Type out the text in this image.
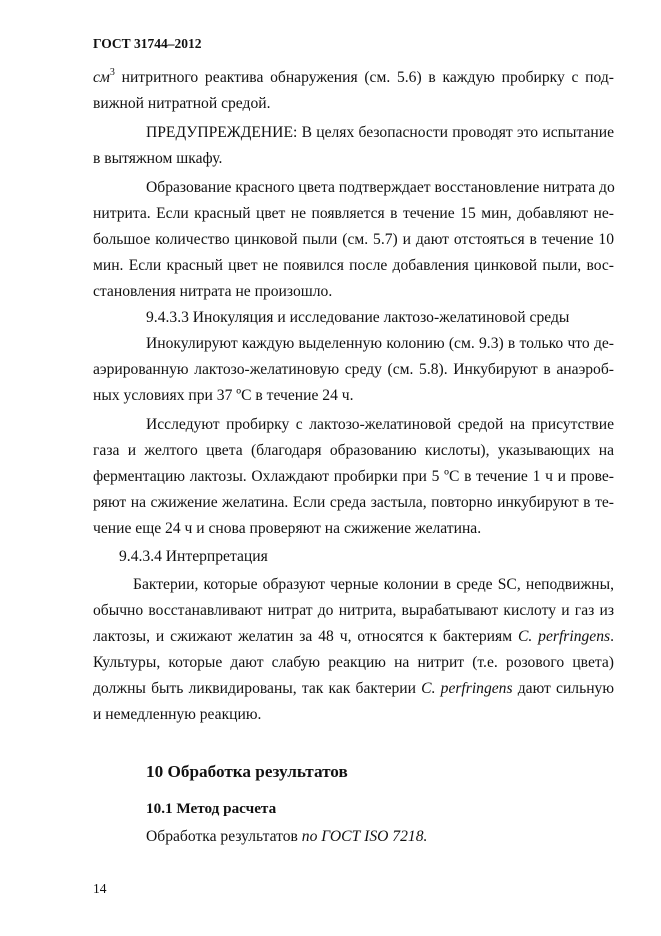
ГОСТ 31744–2012
$см^3$ нитритного реактива обнаружения (см. 5.6) в каждую пробирку с под-
вижной нитратной средой.
ПРЕДУПРЕЖДЕНИЕ: В целях безопасности проводят это испытание
в вытяжном шкафу.
Образование красного цвета подтверждает восстановление нитрата до
нитрита. Если красный цвет не появляется в течение 15 мин, добавляют не-
большое количество цинковой пыли (см. 5.7) и дают отстояться в течение 10
мин. Если красный цвет не появился после добавления цинковой пыли, вос-
становления нитрата не произошло.
9.4.3.3 Инокуляция и исследование лактозо-желатиновой среды
Инокулируют каждую выделенную колонию (см. 9.3) в только что де-
аэрированную лактозо-желатиновую среду (см. 5.8). Инкубируют в анаэроб-
ных условиях при 37 ºС в течение 24 ч.
Исследуют пробирку с лактозо-желатиновой средой на присутствие
газа и желтого цвета (благодаря образованию кислоты), указывающих на
ферментацию лактозы. Охлаждают пробирки при 5 ºС в течение 1 ч и прове-
ряют на сжижение желатина. Если среда застыла, повторно инкубируют в те-
чение еще 24 ч и снова проверяют на сжижение желатина.
9.4.3.4 Интерпретация
Бактерии, которые образуют черные колонии в среде SC, неподвижны,
обычно восстанавливают нитрат до нитрита, вырабатывают кислоту и газ из
лактозы, и сжижают желатин за 48 ч, относятся к бактериям C. perfringens.
Культуры, которые дают слабую реакцию на нитрит (т.е. розового цвета)
должны быть ликвидированы, так как бактерии C. perfringens дают сильную
и немедленную реакцию.
10 Обработка результатов
10.1 Метод расчета
Обработка результатов по ГОСТ ISO 7218.
14
